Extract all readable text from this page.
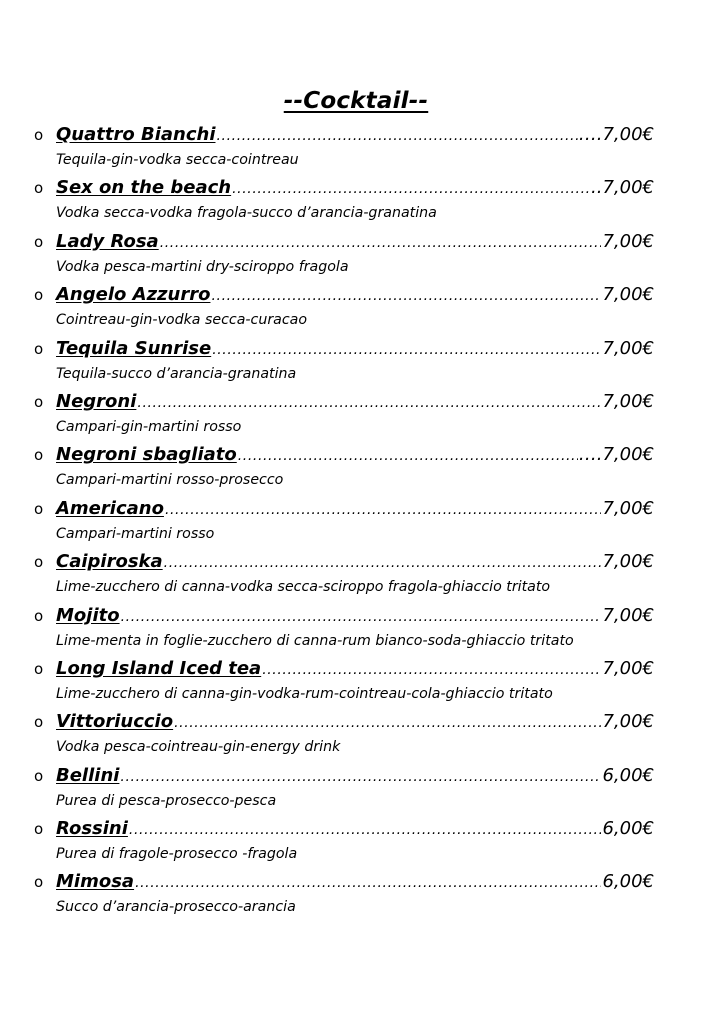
--Cocktail--
o Quattro Bianchi .....	….7,00€
Tequila-gin-vodka secca-cointreau
o Sex on the beach .....	..7,00€
Vodka secca-vodka fragola-succo d’arancia-granatina
o Lady Rosa .....	7,00€
Vodka pesca-martini dry-sciroppo fragola
o Angelo Azzurro .....	7,00€
Cointreau-gin-vodka secca-curacao
o Tequila Sunrise .....	7,00€
Tequila-succo d’arancia-granatina
o Negroni .....	7,00€
Campari-gin-martini rosso
o Negroni sbagliato .....	….7,00€
Campari-martini rosso-prosecco
o Americano .....	7,00€
Campari-martini rosso
o Caipiroska .....	7,00€
Lime-zucchero di canna-vodka secca-sciroppo fragola-ghiaccio tritato
o Mojito .....	7,00€
Lime-menta in foglie-zucchero di canna-rum bianco-soda-ghiaccio tritato
o Long Island Iced tea .....	7,00€
Lime-zucchero di canna-gin-vodka-rum-cointreau-cola-ghiaccio tritato
o Vittoriuccio .....	7,00€
Vodka pesca-cointreau-gin-energy drink
o Bellini .....	6,00€
Purea di pesca-prosecco-pesca
o Rossini .....	6,00€
Purea di fragole-prosecco -fragola
o Mimosa .....	6,00€
Succo d’arancia-prosecco-arancia
